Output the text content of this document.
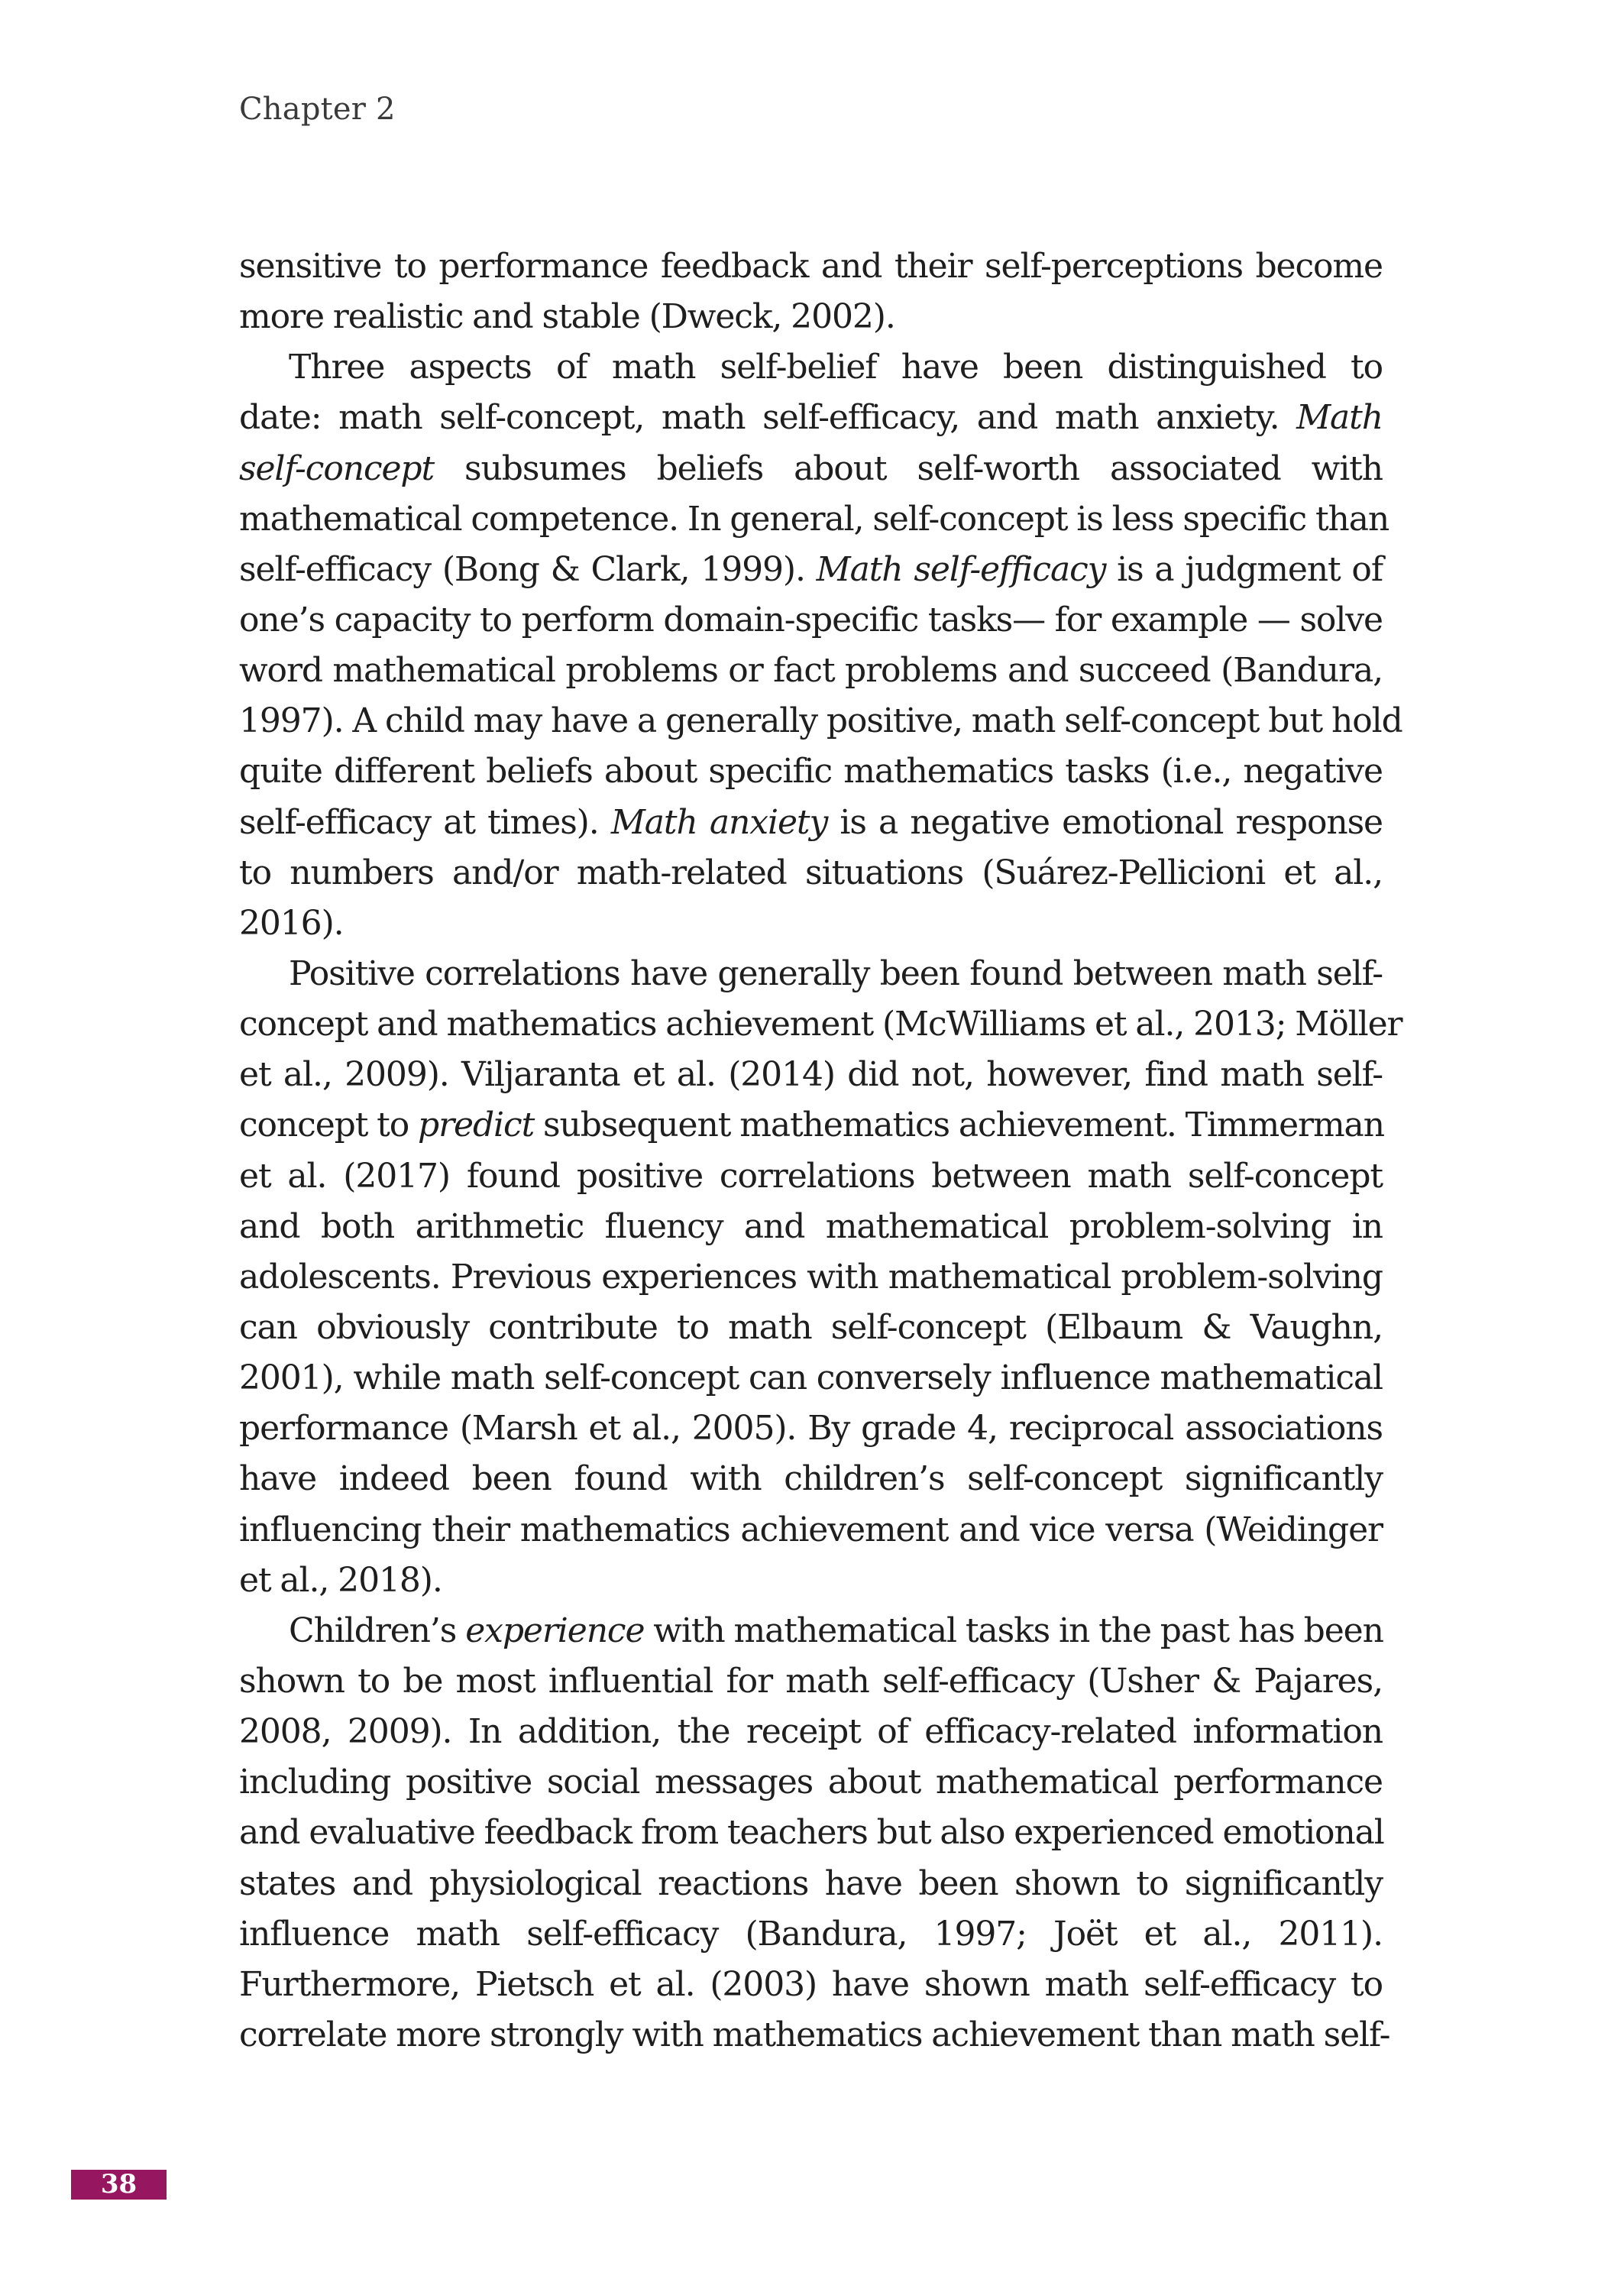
Chapter 2
sensitive to performance feedback and their self-perceptions become
more realistic and stable (Dweck, 2002).
Three aspects of math self-belief have been distinguished to
date: math self-concept, math self-efficacy, and math anxiety. Math
self-concept subsumes beliefs about self-worth associated with
mathematical competence. In general, self-concept is less specific than
self-efficacy (Bong & Clark, 1999). Math self-efficacy is a judgment of
one’s capacity to perform domain-specific tasks— for example — solve
word mathematical problems or fact problems and succeed (Bandura,
1997). A child may have a generally positive, math self-concept but hold
quite different beliefs about specific mathematics tasks (i.e., negative
self-efficacy at times). Math anxiety is a negative emotional response
to numbers and/or math-related situations (Suárez-Pellicioni et al.,
2016).
Positive correlations have generally been found between math self-
concept and mathematics achievement (McWilliams et al., 2013; Möller
et al., 2009). Viljaranta et al. (2014) did not, however, find math self-
concept to predict subsequent mathematics achievement. Timmerman
et al. (2017) found positive correlations between math self-concept
and both arithmetic fluency and mathematical problem-solving in
adolescents. Previous experiences with mathematical problem-solving
can obviously contribute to math self-concept (Elbaum & Vaughn,
2001), while math self-concept can conversely influence mathematical
performance (Marsh et al., 2005). By grade 4, reciprocal associations
have indeed been found with children’s self-concept significantly
influencing their mathematics achievement and vice versa (Weidinger
et al., 2018).
Children’s experience with mathematical tasks in the past has been
shown to be most influential for math self-efficacy (Usher & Pajares,
2008, 2009). In addition, the receipt of efficacy-related information
including positive social messages about mathematical performance
and evaluative feedback from teachers but also experienced emotional
states and physiological reactions have been shown to significantly
influence math self-efficacy (Bandura, 1997; Joët et al., 2011).
Furthermore, Pietsch et al. (2003) have shown math self-efficacy to
correlate more strongly with mathematics achievement than math self-
38
